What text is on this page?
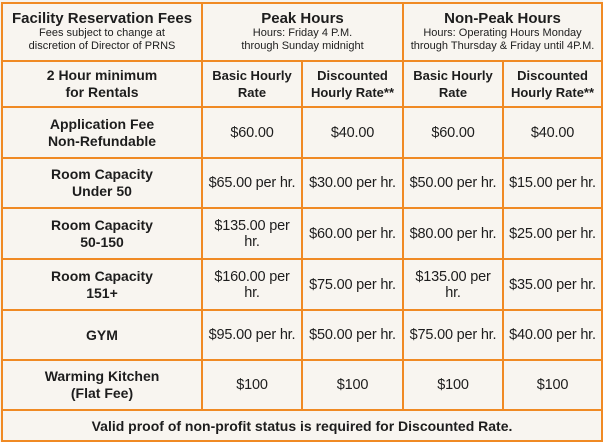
Facility Reservation Fees
Fees subject to change at
discretion of Director of PRNS	Peak Hours
Hours: Friday 4 P.M.
through Sunday midnight		Non-Peak Hours
Hours: Operating Hours Monday
through Thursday & Friday until 4P.M.	

2 Hour minimum
for Rentals	Basic Hourly
Rate	Discounted
Hourly Rate**	Basic Hourly
Rate	Discounted
Hourly Rate**
Application Fee
Non-Refundable	$60.00	$40.00	$60.00	$40.00
Room Capacity
Under 50	$65.00 per hr.	$30.00 per hr.	$50.00 per hr.	$15.00 per hr.
Room Capacity
50-150	$135.00 per hr.	$60.00 per hr.	$80.00 per hr.	$25.00 per hr.
Room Capacity
151+	$160.00 per hr.	$75.00 per hr.	$135.00 per hr.	$35.00 per hr.
GYM	$95.00 per hr.	$50.00 per hr.	$75.00 per hr.	$40.00 per hr.
Warming Kitchen
(Flat Fee)	$100	$100	$100	$100
Valid proof of non-profit status is required for Discounted Rate.				
